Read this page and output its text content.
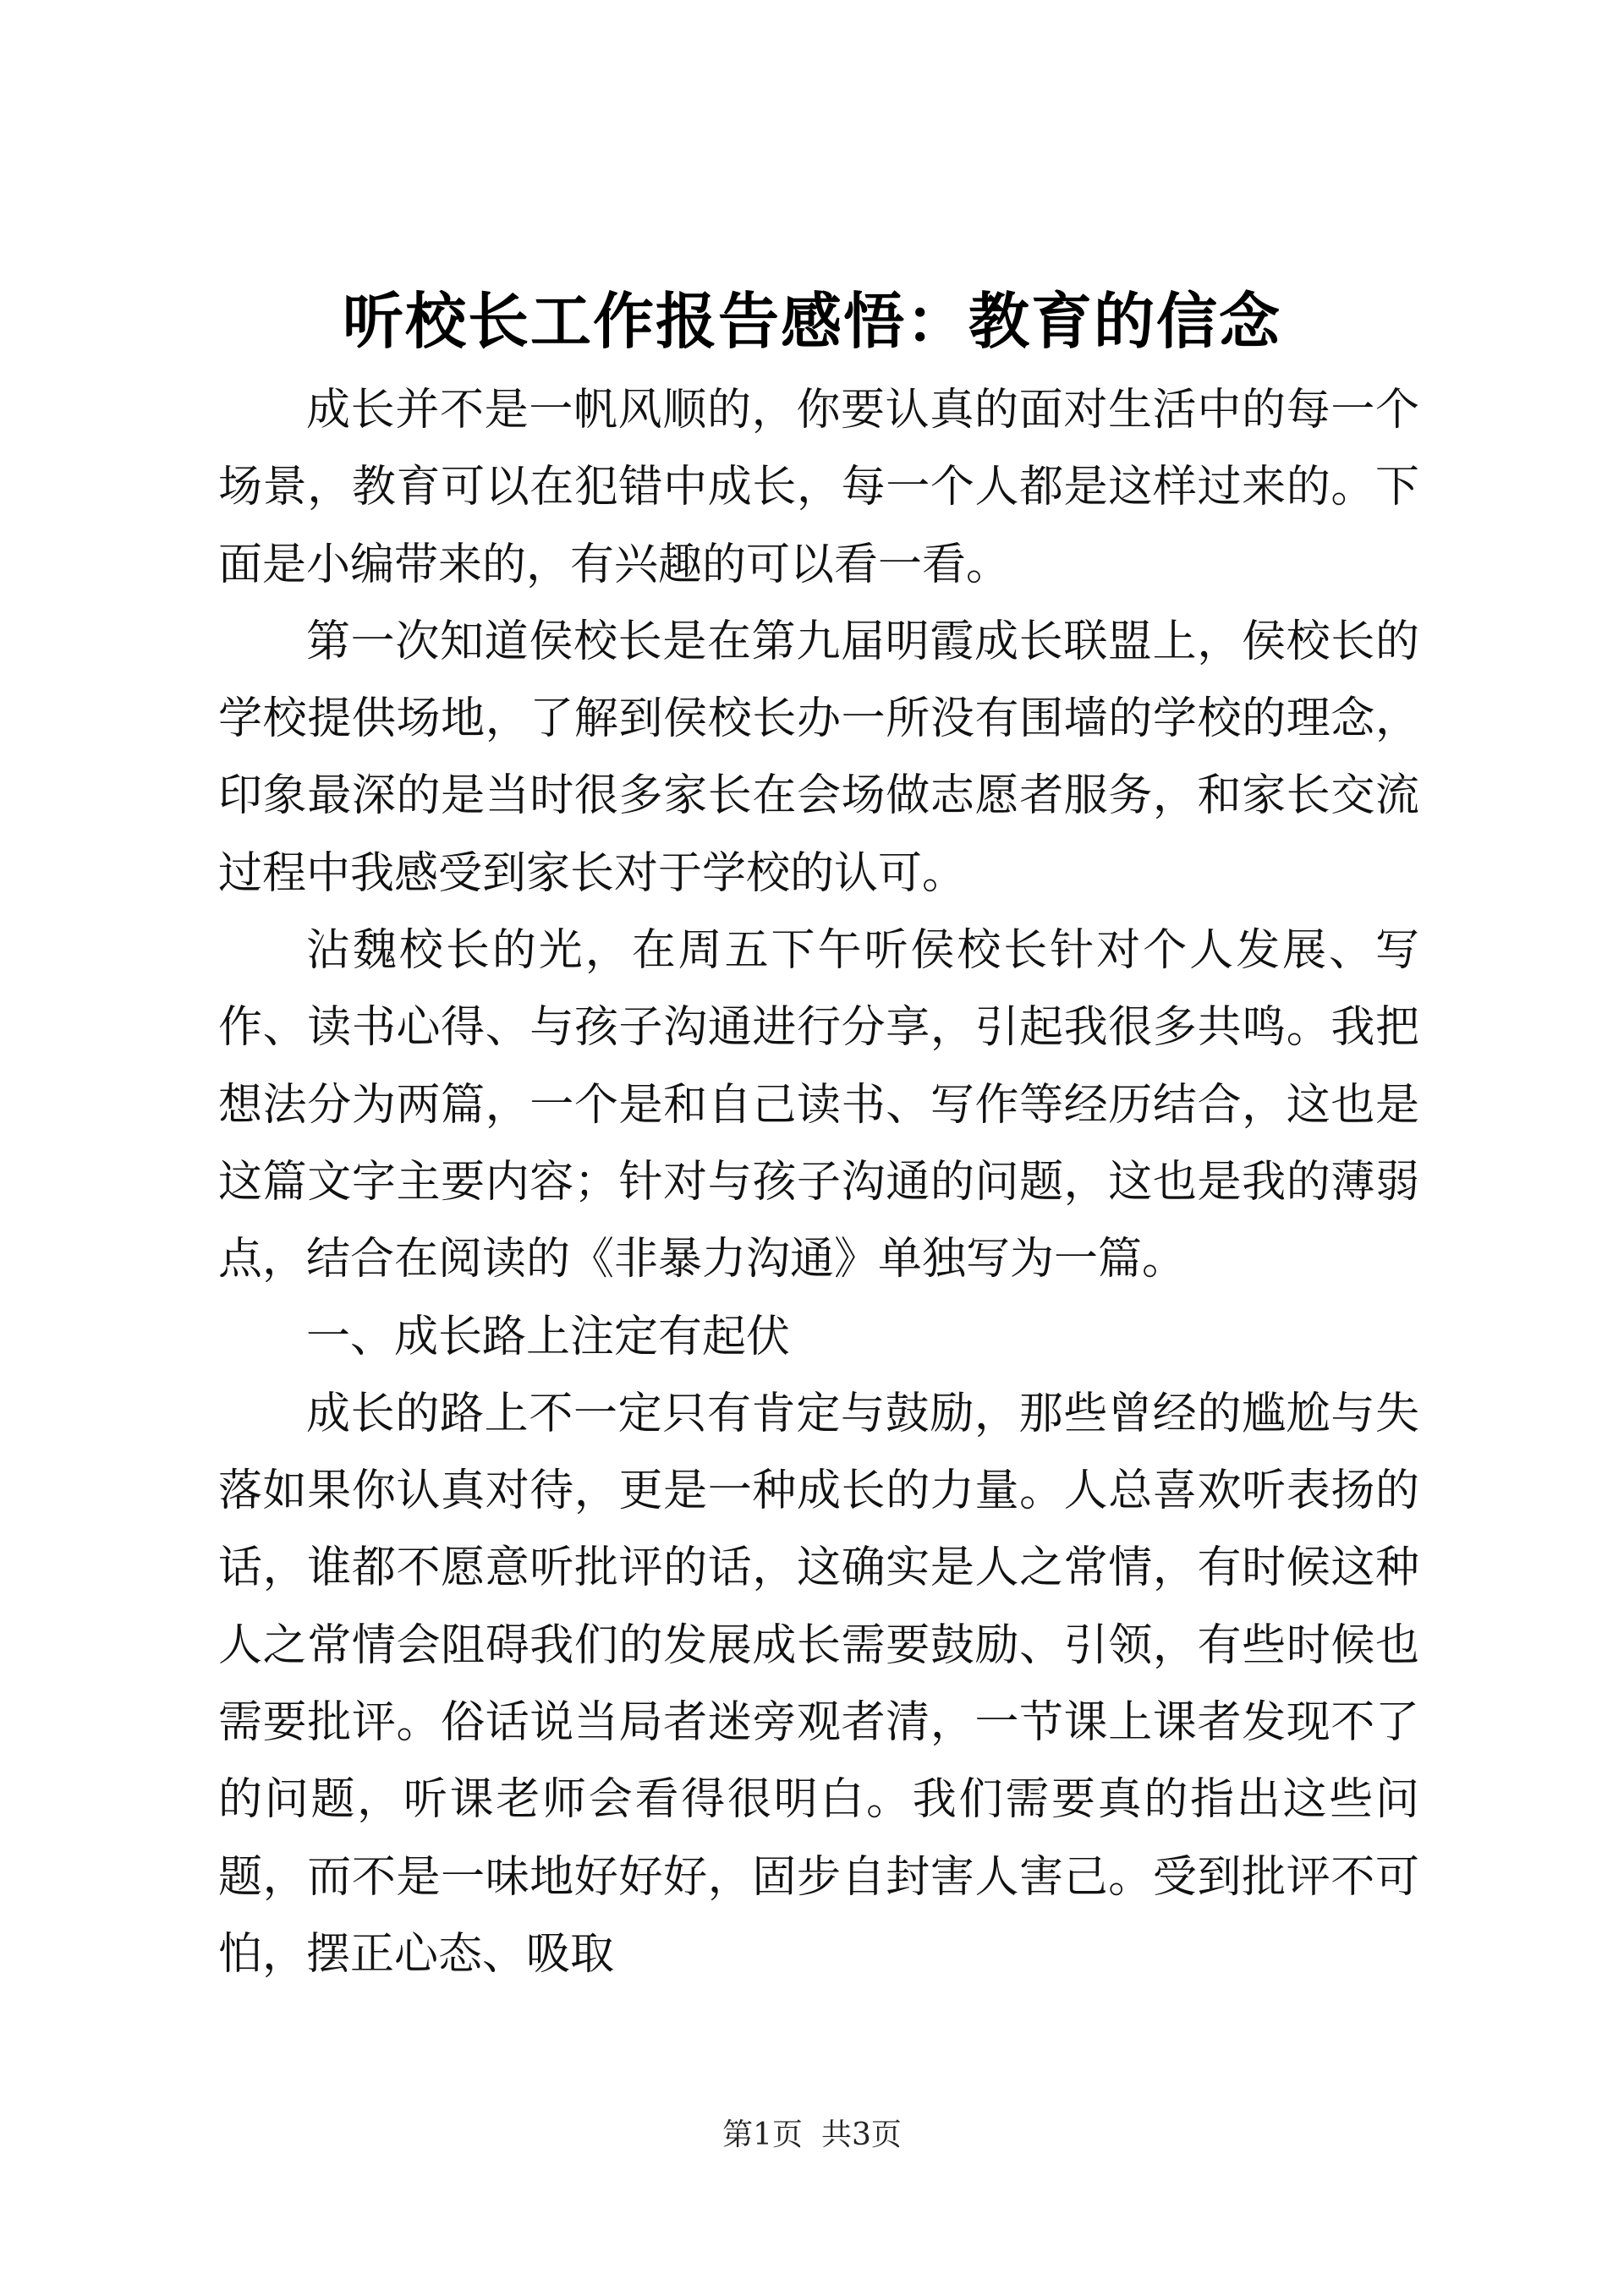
听校长工作报告感悟：教育的信念

成长并不是一帆风顺的，你要认真的面对生活中的每一个场景，教育可以在犯错中成长，每一个人都是这样过来的。下面是小编带来的，有兴趣的可以看一看。

第一次知道侯校长是在第九届明霞成长联盟上，侯校长的学校提供场地，了解到侯校长办一所没有围墙的学校的理念，印象最深的是当时很多家长在会场做志愿者服务，和家长交流过程中我感受到家长对于学校的认可。

沾魏校长的光，在周五下午听侯校长针对个人发展、写作、读书心得、与孩子沟通进行分享，引起我很多共鸣。我把想法分为两篇，一个是和自己读书、写作等经历结合，这也是这篇文字主要内容；针对与孩子沟通的问题，这也是我的薄弱点，结合在阅读的《非暴力沟通》单独写为一篇。

一、成长路上注定有起伏

成长的路上不一定只有肯定与鼓励，那些曾经的尴尬与失落如果你认真对待，更是一种成长的力量。人总喜欢听表扬的话，谁都不愿意听批评的话，这确实是人之常情，有时候这种人之常情会阻碍我们的发展成长需要鼓励、引领，有些时候也需要批评。俗话说当局者迷旁观者清，一节课上课者发现不了的问题，听课老师会看得很明白。我们需要真的指出这些问题，而不是一味地好好好，固步自封害人害己。受到批评不可怕，摆正心态、吸取

第1页 共3页
